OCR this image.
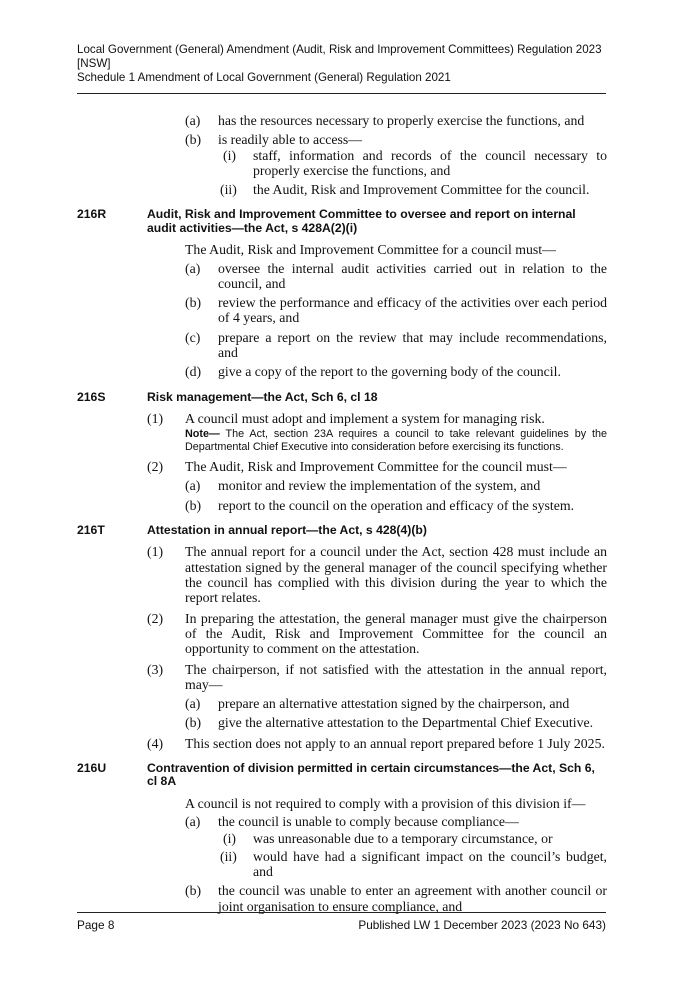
Local Government (General) Amendment (Audit, Risk and Improvement Committees) Regulation 2023
[NSW]
Schedule 1 Amendment of Local Government (General) Regulation 2021
(a)	has the resources necessary to properly exercise the functions, and
(b)	is readily able to access—
(i)	staff, information and records of the council necessary to properly exercise the functions, and
(ii)	the Audit, Risk and Improvement Committee for the council.
216R	Audit, Risk and Improvement Committee to oversee and report on internal audit activities—the Act, s 428A(2)(i)
The Audit, Risk and Improvement Committee for a council must—
(a)	oversee the internal audit activities carried out in relation to the council, and
(b)	review the performance and efficacy of the activities over each period of 4 years, and
(c)	prepare a report on the review that may include recommendations, and
(d)	give a copy of the report to the governing body of the council.
216S	Risk management—the Act, Sch 6, cl 18
(1)	A council must adopt and implement a system for managing risk.
Note— The Act, section 23A requires a council to take relevant guidelines by the Departmental Chief Executive into consideration before exercising its functions.
(2)	The Audit, Risk and Improvement Committee for the council must—
(a)	monitor and review the implementation of the system, and
(b)	report to the council on the operation and efficacy of the system.
216T	Attestation in annual report—the Act, s 428(4)(b)
(1)	The annual report for a council under the Act, section 428 must include an attestation signed by the general manager of the council specifying whether the council has complied with this division during the year to which the report relates.
(2)	In preparing the attestation, the general manager must give the chairperson of the Audit, Risk and Improvement Committee for the council an opportunity to comment on the attestation.
(3)	The chairperson, if not satisfied with the attestation in the annual report, may—
(a)	prepare an alternative attestation signed by the chairperson, and
(b)	give the alternative attestation to the Departmental Chief Executive.
(4)	This section does not apply to an annual report prepared before 1 July 2025.
216U	Contravention of division permitted in certain circumstances—the Act, Sch 6, cl 8A
A council is not required to comply with a provision of this division if—
(a)	the council is unable to comply because compliance—
(i)	was unreasonable due to a temporary circumstance, or
(ii)	would have had a significant impact on the council’s budget, and
(b)	the council was unable to enter an agreement with another council or joint organisation to ensure compliance, and
Page 8	Published LW 1 December 2023 (2023 No 643)
